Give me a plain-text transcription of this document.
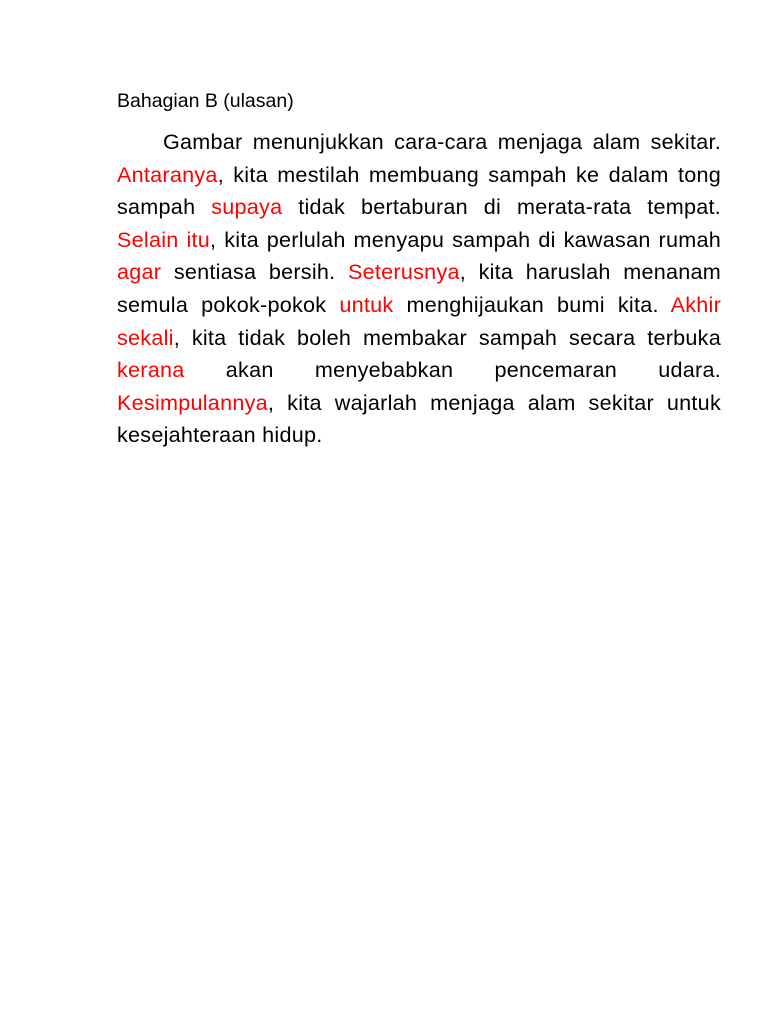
Bahagian B (ulasan)

Gambar menunjukkan cara-cara menjaga alam sekitar. Antaranya, kita mestilah membuang sampah ke dalam tong sampah supaya tidak bertaburan di merata-rata tempat. Selain itu, kita perlulah menyapu sampah di kawasan rumah agar sentiasa bersih. Seterusnya, kita haruslah menanam semula pokok-pokok untuk menghijaukan bumi kita. Akhir sekali, kita tidak boleh membakar sampah secara terbuka kerana akan menyebabkan pencemaran udara. Kesimpulannya, kita wajarlah menjaga alam sekitar untuk kesejahteraan hidup.
